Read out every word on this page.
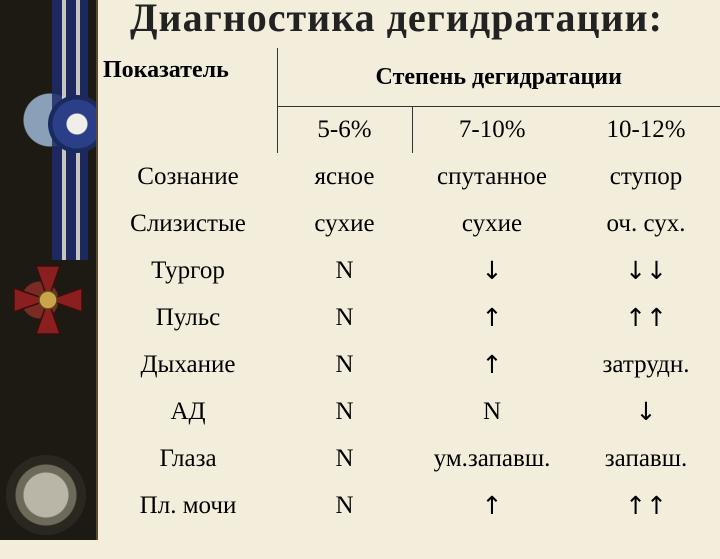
Диагностика дегидратации:
Показатель	Степень дегидратации		
	5-6%	7-10%	10-12%
Сознание	ясное	спутанное	ступор
Слизистые	сухие	сухие	оч. сух.
Тургор	N	↓	↓↓
Пульс	N	↑	↑↑
Дыхание	N	↑	затрудн.
АД	N	N	↓
Глаза	N	ум.запавш.	запавш.
Пл. мочи	N	↑	↑↑
